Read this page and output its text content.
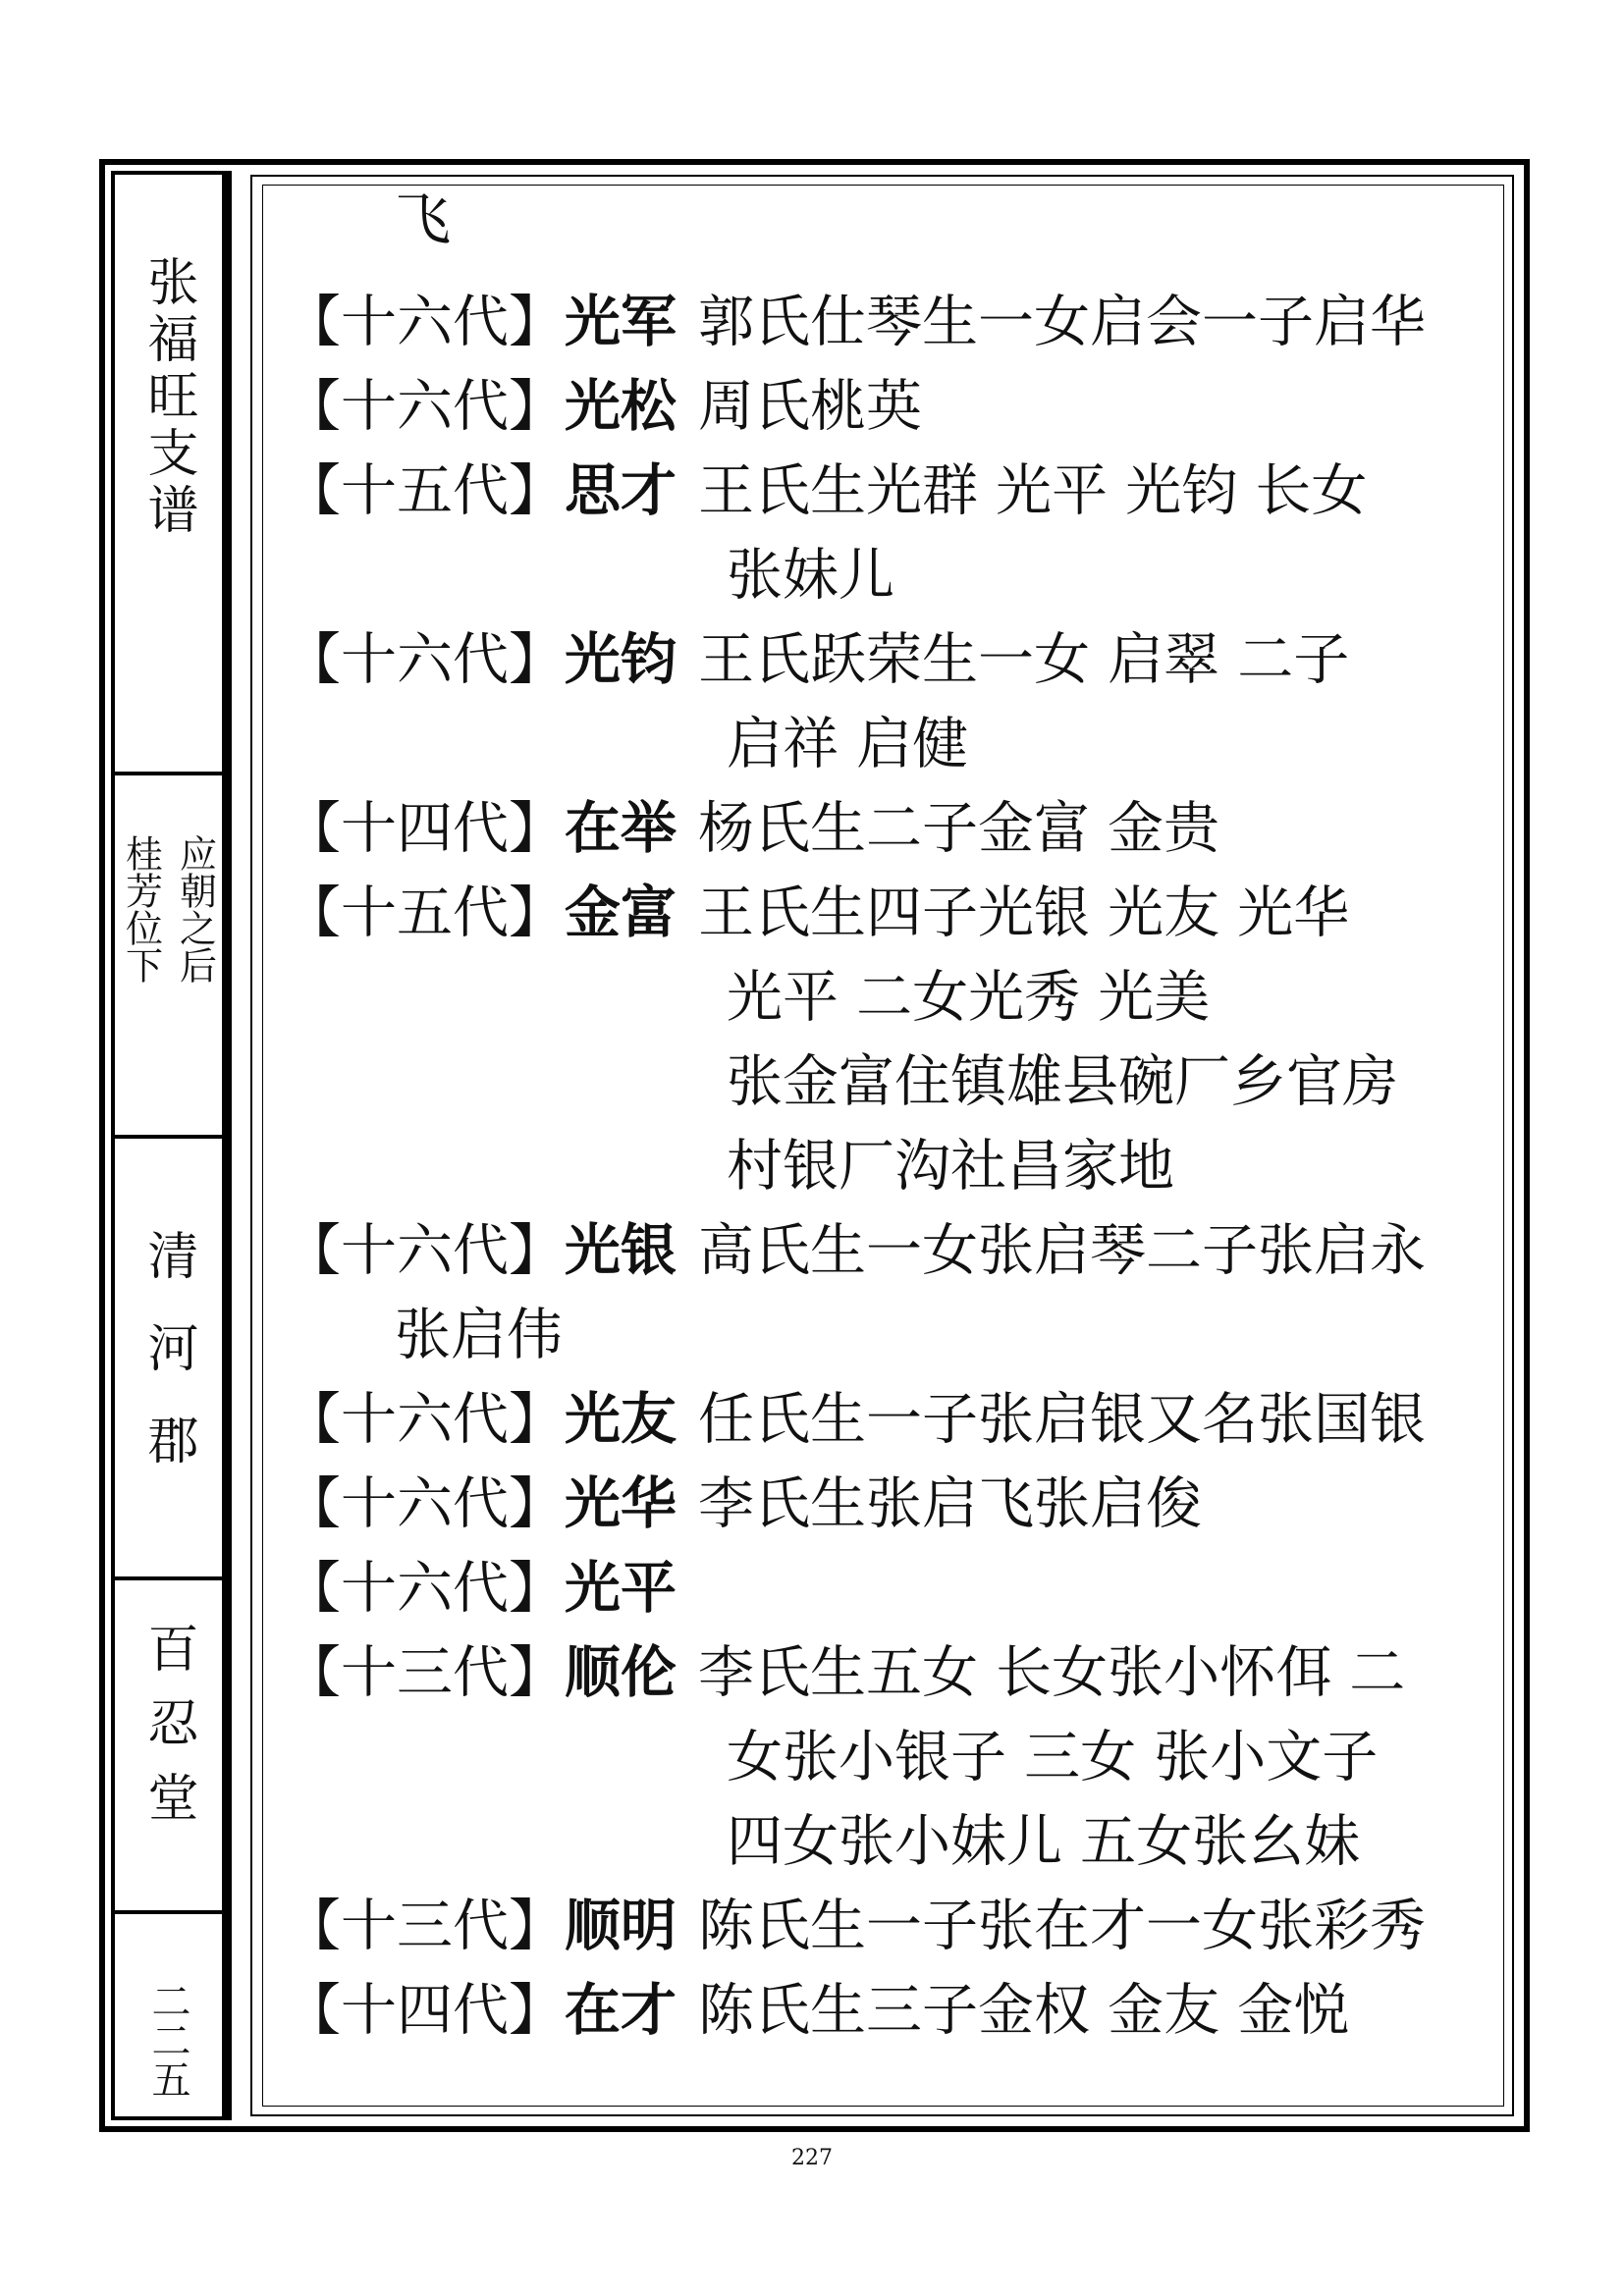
张福旺支谱
桂芳位下 应朝之后
清河郡
百忍堂
二二五
飞
【十六代】光军 郭氏仕琴生一女启会一子启华
【十六代】光松 周氏桃英
【十五代】思才 王氏生光群 光平 光钧 长女
张妹儿
【十六代】光钧 王氏跃荣生一女 启翠 二子
启祥 启健
【十四代】在举 杨氏生二子金富 金贵
【十五代】金富 王氏生四子光银 光友 光华
光平 二女光秀 光美
张金富住镇雄县碗厂乡官房
村银厂沟社昌家地
【十六代】光银 高氏生一女张启琴二子张启永
张启伟
【十六代】光友 任氏生一子张启银又名张国银
【十六代】光华 李氏生张启飞张启俊
【十六代】光平
【十三代】顺伦 李氏生五女 长女张小怀佴 二
女张小银子 三女 张小文子
四女张小妹儿 五女张幺妹
【十三代】顺明 陈氏生一子张在才一女张彩秀
【十四代】在才 陈氏生三子金权 金友 金悦
227
